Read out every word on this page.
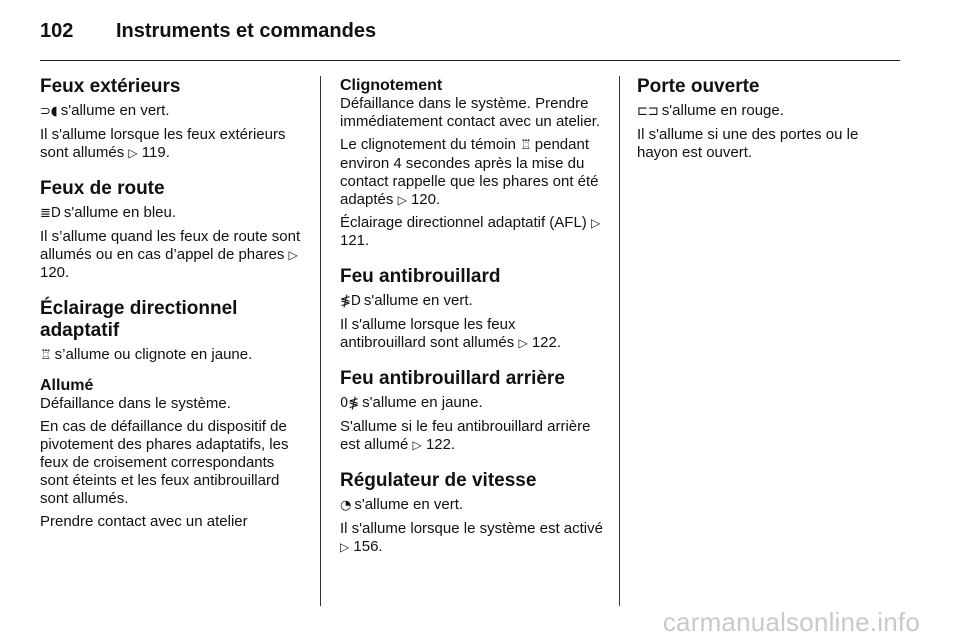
102 Instruments et commandes
Feux extérieurs

⊃◖ s'allume en vert.

Il s'allume lorsque les feux extérieurs sont allumés ▷ 119.

Feux de route

≣D s'allume en bleu.

Il s’allume quand les feux de route sont allumés ou en cas d’appel de phares ▷ 120.

Éclairage directionnel adaptatif

♖ s’allume ou clignote en jaune.

Allumé

Défaillance dans le système.

En cas de défaillance du dispositif de pivotement des phares adaptatifs, les feux de croisement correspondants sont éteints et les feux antibrouillard sont allumés.

Prendre contact avec un atelier

Clignotement

Défaillance dans le système. Prendre immédiatement contact avec un atelier.

Le clignotement du témoin ♖ pendant environ 4 secondes après la mise du contact rappelle que les phares ont été adaptés ▷ 120.

Éclairage directionnel adaptatif (AFL) ▷ 121.

Feu antibrouillard

≸D s'allume en vert.

Il s'allume lorsque les feux antibrouillard sont allumés ▷ 122.

Feu antibrouillard arrière

0≸ s'allume en jaune.

S'allume si le feu antibrouillard arrière est allumé ▷ 122.

Régulateur de vitesse

◔ s'allume en vert.

Il s'allume lorsque le système est activé ▷ 156.

Porte ouverte

⊏⊐ s'allume en rouge.

Il s'allume si une des portes ou le hayon est ouvert.

carmanualsonline.info
